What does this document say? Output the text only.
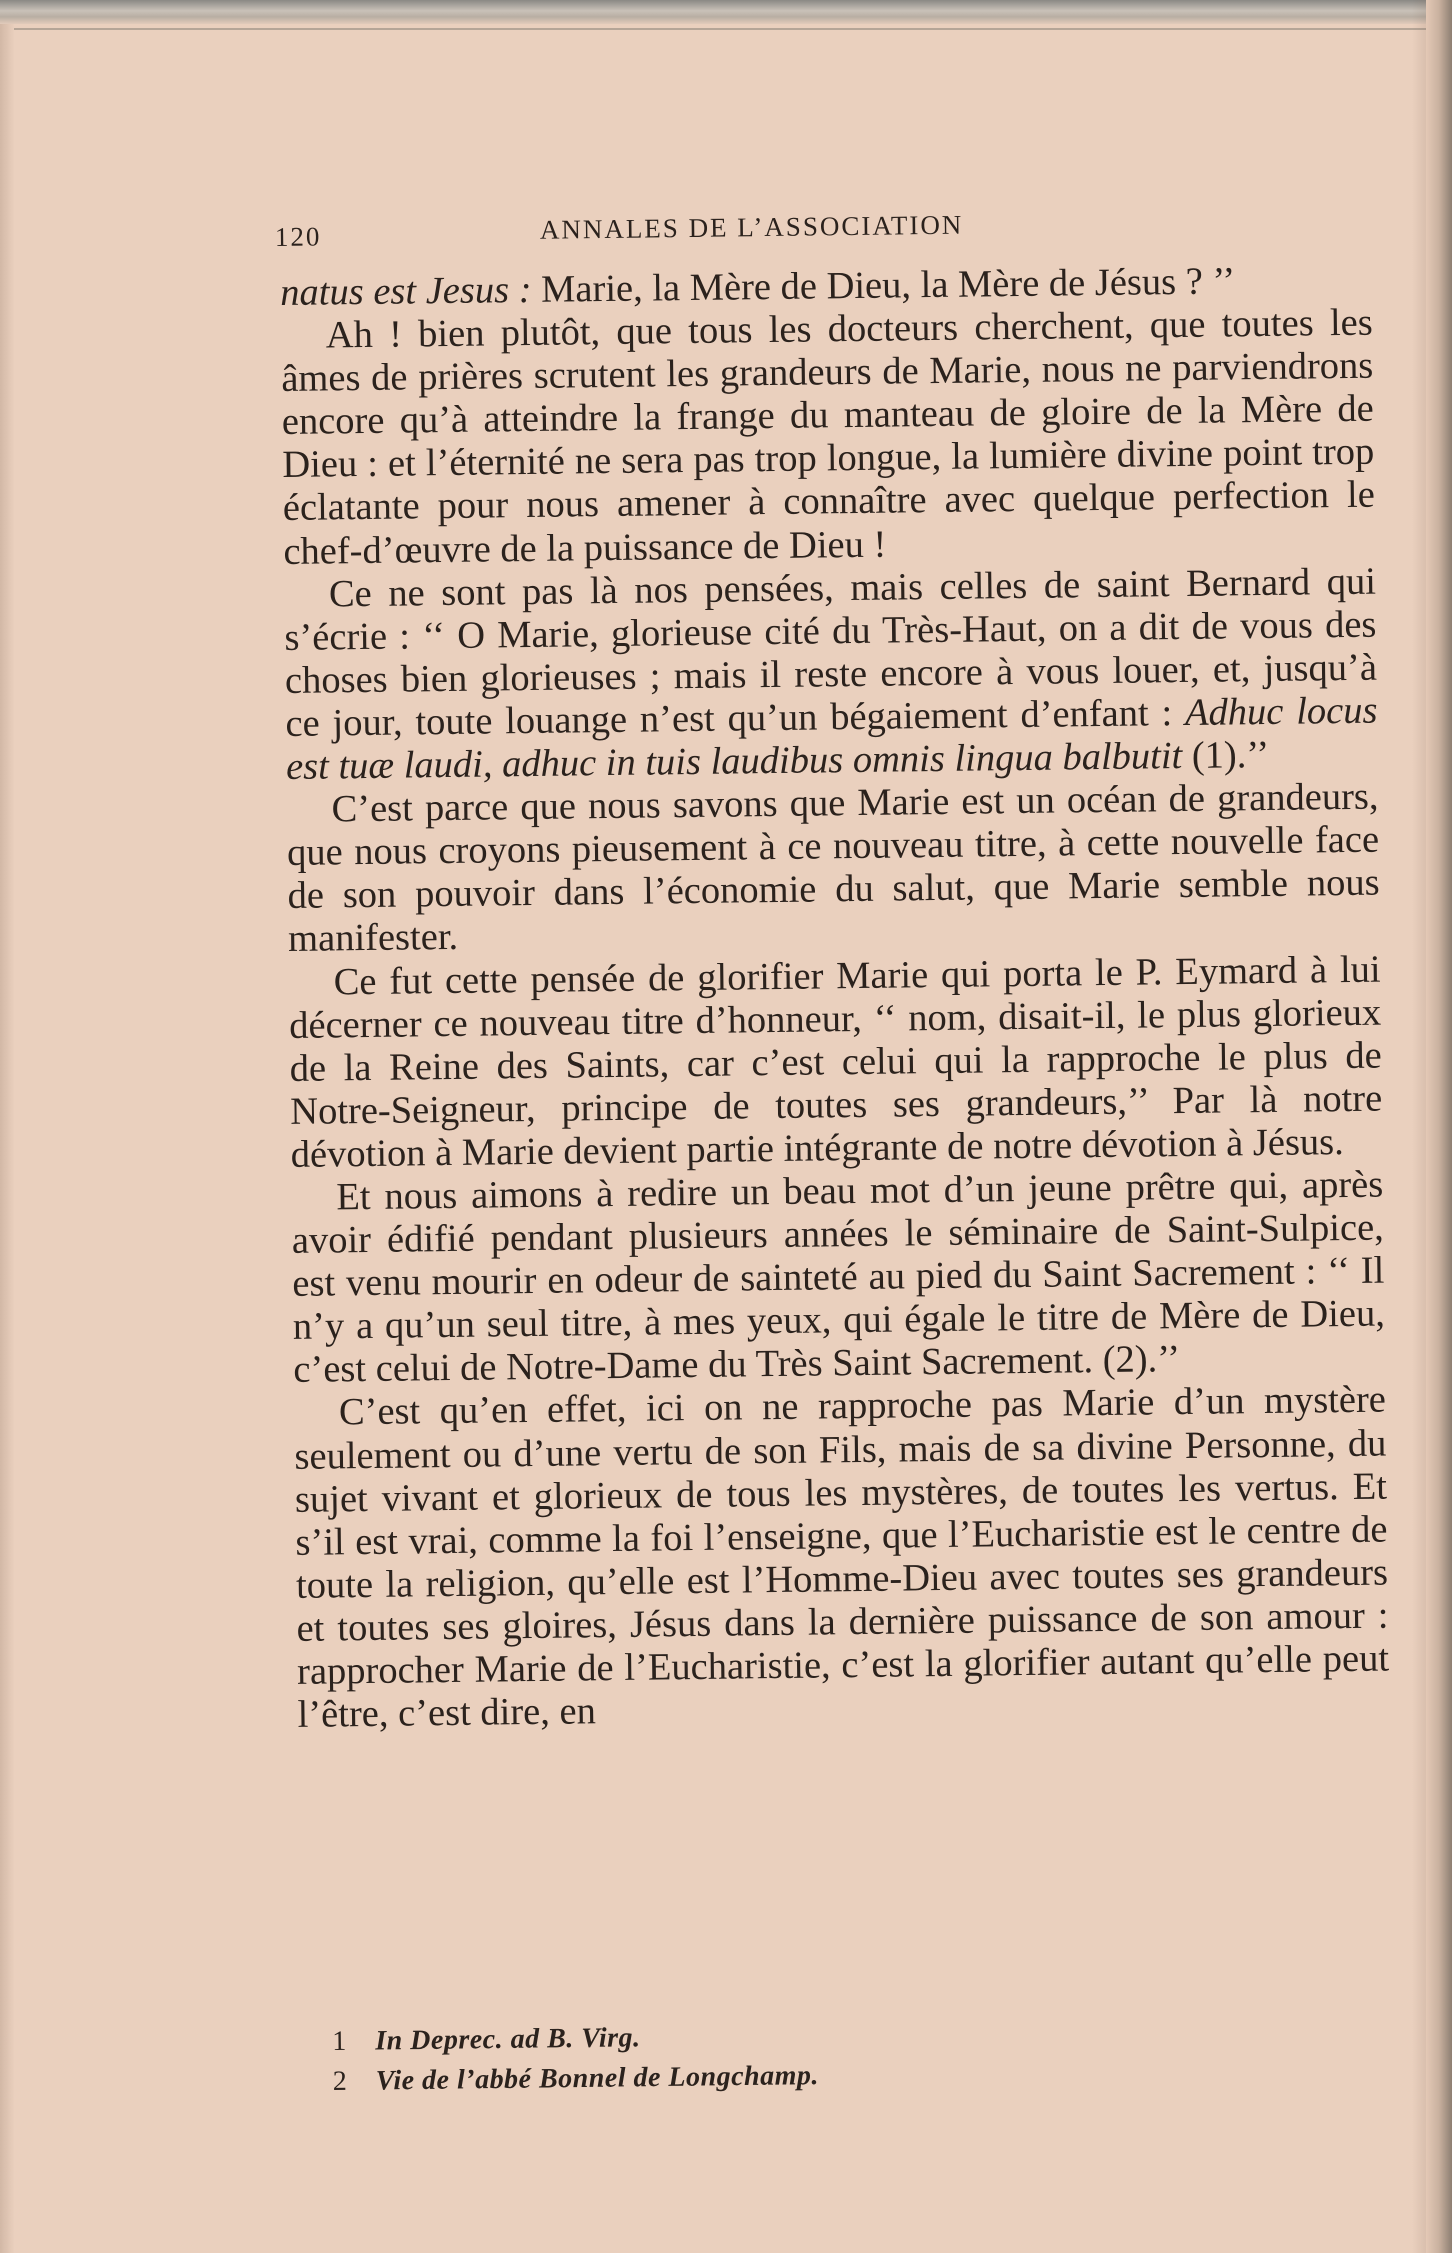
120	ANNALES DE L’ASSOCIATION

natus est Jesus : Marie, la Mère de Dieu, la Mère de Jésus ? ’’

Ah ! bien plutôt, que tous les docteurs cherchent, que toutes les âmes de prières scrutent les grandeurs de Marie, nous ne parviendrons encore qu’à atteindre la frange du manteau de gloire de la Mère de Dieu : et l’éternité ne sera pas trop longue, la lumière divine point trop éclatante pour nous amener à connaître avec quelque perfection le chef-d’œuvre de la puissance de Dieu !

Ce ne sont pas là nos pensées, mais celles de saint Bernard qui s’écrie : ‘‘ O Marie, glorieuse cité du Très-Haut, on a dit de vous des choses bien glorieuses ; mais il reste encore à vous louer, et, jusqu’à ce jour, toute louange n’est qu’un bégaiement d’enfant : Adhuc locus est tuæ laudi, adhuc in tuis laudibus omnis lingua balbutit (1).’’

C’est parce que nous savons que Marie est un océan de grandeurs, que nous croyons pieusement à ce nouveau titre, à cette nouvelle face de son pouvoir dans l’économie du salut, que Marie semble nous manifester.

Ce fut cette pensée de glorifier Marie qui porta le P. Eymard à lui décerner ce nouveau titre d’honneur, ‘‘ nom, disait-il, le plus glorieux de la Reine des Saints, car c’est celui qui la rapproche le plus de Notre-Seigneur, principe de toutes ses grandeurs,’’ Par là notre dévotion à Marie devient partie intégrante de notre dévotion à Jésus.

Et nous aimons à redire un beau mot d’un jeune prêtre qui, après avoir édifié pendant plusieurs années le séminaire de Saint-Sulpice, est venu mourir en odeur de sainteté au pied du Saint Sacrement : ‘‘ Il n’y a qu’un seul titre, à mes yeux, qui égale le titre de Mère de Dieu, c’est celui de Notre-Dame du Très Saint Sacrement. (2).’’

C’est qu’en effet, ici on ne rapproche pas Marie d’un mystère seulement ou d’une vertu de son Fils, mais de sa divine Personne, du sujet vivant et glorieux de tous les mystères, de toutes les vertus. Et s’il est vrai, comme la foi l’enseigne, que l’Eucharistie est le centre de toute la religion, qu’elle est l’Homme-Dieu avec toutes ses grandeurs et toutes ses gloires, Jésus dans la dernière puissance de son amour : rapprocher Marie de l’Eucharistie, c’est la glorifier autant qu’elle peut l’être, c’est dire, en

1 In Deprec. ad B. Virg.
2 Vie de l’abbé Bonnel de Longchamp.
